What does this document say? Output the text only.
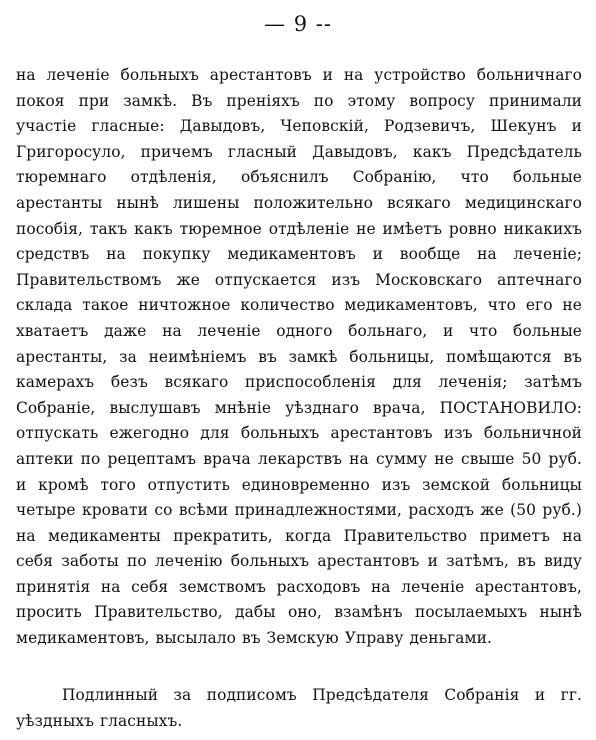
— 9 --

на леченіе больныхъ арестантовъ и на устройство больничнаго покоя при замкѣ. Въ преніяхъ по этому вопросу принимали участіе гласные: Давыдовъ, Чеповскій, Родзевичъ, Шекунъ и Григоросуло, причемъ гласный Давыдовъ, какъ Предсѣдатель тюремнаго отдѣленія, объяснилъ Собранію, что больные арестанты нынѣ лишены положительно всякаго медицинскаго пособія, такъ какъ тюремное отдѣленіе не имѣетъ ровно никакихъ средствъ на покупку медикаментовъ и вообще на леченіе; Правительствомъ же отпускается изъ Московскаго аптечнаго склада такое ничтожное количество медикаментовъ, что его не хватаетъ даже на леченіе одного больнаго, и что больные арестанты, за неимѣніемъ въ замкѣ больницы, помѣщаются въ камерахъ безъ всякаго приспособленія для леченія; затѣмъ Собраніе, выслушавъ мнѣніе уѣзднаго врача, ПОСТАНОВИЛО: отпускать ежегодно для больныхъ арестантовъ изъ больничной аптеки по рецептамъ врача лекарствъ на сумму не свыше 50 руб. и кромѣ того отпустить единовременно изъ земской больницы четыре кровати со всѣми принадлежностями, расходъ же (50 руб.) на медикаменты прекратить, когда Правительство приметъ на себя заботы по леченію больныхъ арестантовъ и затѣмъ, въ виду принятія на себя земствомъ расходовъ на леченіе арестантовъ, просить Правительство, дабы оно, взамѣнъ посылаемыхъ нынѣ медикаментовъ, высылало въ Земскую Управу деньгами.

Подлинный за подписомъ Предсѣдателя Собранія и гг. уѣздныхъ гласныхъ.
